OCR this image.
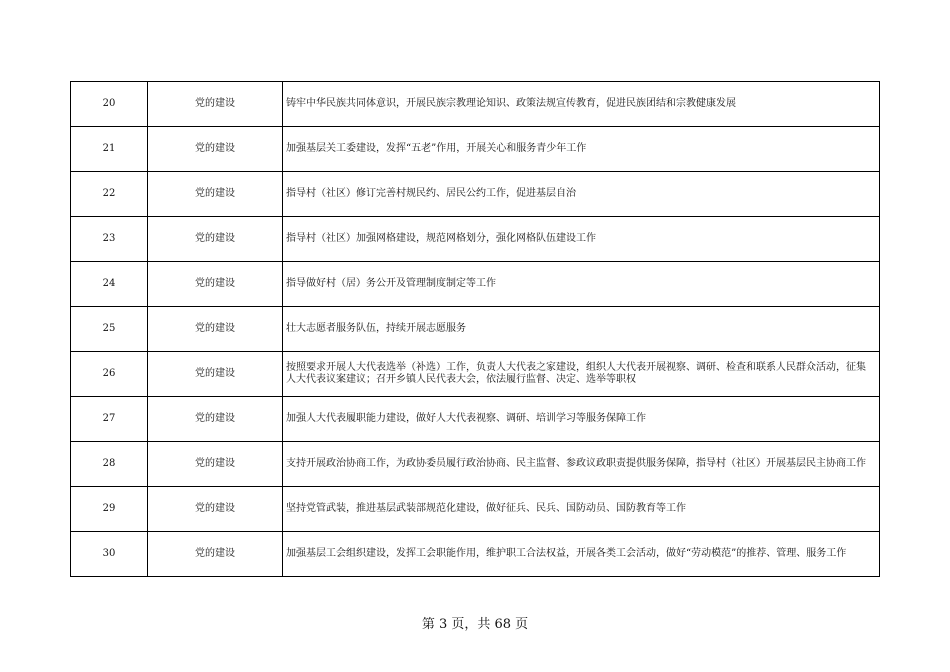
20	党的建设	铸牢中华民族共同体意识，开展民族宗教理论知识、政策法规宣传教育，促进民族团结和宗教健康发展
21	党的建设	加强基层关工委建设，发挥“五老”作用，开展关心和服务青少年工作
22	党的建设	指导村（社区）修订完善村规民约、居民公约工作，促进基层自治
23	党的建设	指导村（社区）加强网格建设，规范网格划分，强化网格队伍建设工作
24	党的建设	指导做好村（居）务公开及管理制度制定等工作
25	党的建设	壮大志愿者服务队伍，持续开展志愿服务
26	党的建设	按照要求开展人大代表选举（补选）工作，负责人大代表之家建设，组织人大代表开展视察、调研、检查和联系人民群众活动，征集人大代表议案建议；召开乡镇人民代表大会，依法履行监督、决定、选举等职权
27	党的建设	加强人大代表履职能力建设，做好人大代表视察、调研、培训学习等服务保障工作
28	党的建设	支持开展政治协商工作，为政协委员履行政治协商、民主监督、参政议政职责提供服务保障，指导村（社区）开展基层民主协商工作
29	党的建设	坚持党管武装，推进基层武装部规范化建设，做好征兵、民兵、国防动员、国防教育等工作
30	党的建设	加强基层工会组织建设，发挥工会职能作用，维护职工合法权益，开展各类工会活动，做好“劳动模范”的推荐、管理、服务工作
第 3 页，共 68 页
